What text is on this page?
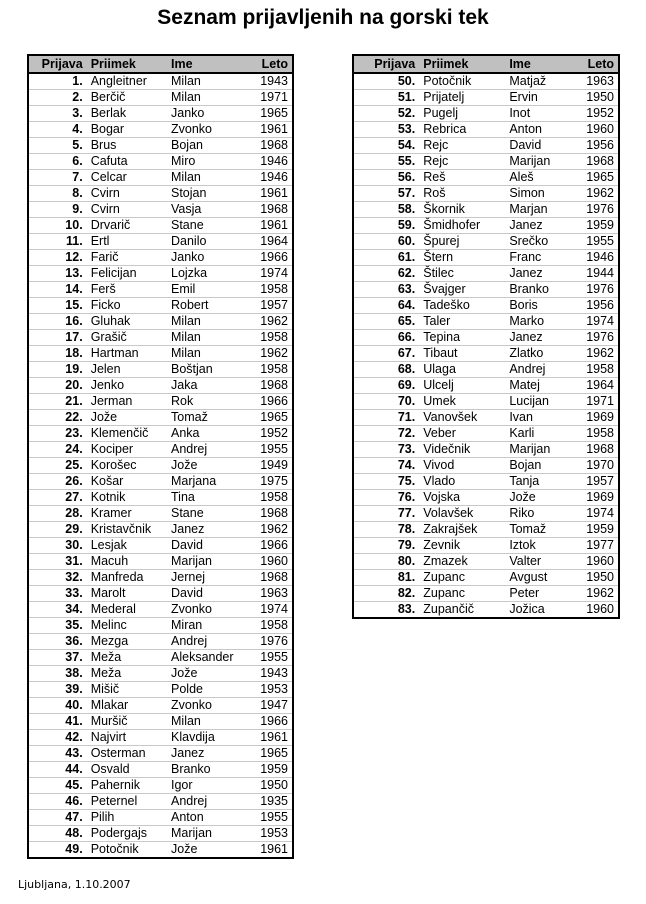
Seznam prijavljenih na gorski tek
Prijava	Priimek	Ime	Leto
1.	Angleitner	Milan	1943
2.	Berčič	Milan	1971
3.	Berlak	Janko	1965
4.	Bogar	Zvonko	1961
5.	Brus	Bojan	1968
6.	Cafuta	Miro	1946
7.	Celcar	Milan	1946
8.	Cvirn	Stojan	1961
9.	Cvirn	Vasja	1968
10.	Drvarič	Stane	1961
11.	Ertl	Danilo	1964
12.	Farič	Janko	1966
13.	Felicijan	Lojzka	1974
14.	Ferš	Emil	1958
15.	Ficko	Robert	1957
16.	Gluhak	Milan	1962
17.	Grašič	Milan	1958
18.	Hartman	Milan	1962
19.	Jelen	Boštjan	1958
20.	Jenko	Jaka	1968
21.	Jerman	Rok	1966
22.	Jože	Tomaž	1965
23.	Klemenčič	Anka	1952
24.	Kociper	Andrej	1955
25.	Korošec	Jože	1949
26.	Košar	Marjana	1975
27.	Kotnik	Tina	1958
28.	Kramer	Stane	1968
29.	Kristavčnik	Janez	1962
30.	Lesjak	David	1966
31.	Macuh	Marijan	1960
32.	Manfreda	Jernej	1968
33.	Marolt	David	1963
34.	Mederal	Zvonko	1974
35.	Melinc	Miran	1958
36.	Mezga	Andrej	1976
37.	Meža	Aleksander	1955
38.	Meža	Jože	1943
39.	Mišič	Polde	1953
40.	Mlakar	Zvonko	1947
41.	Muršič	Milan	1966
42.	Najvirt	Klavdija	1961
43.	Osterman	Janez	1965
44.	Osvald	Branko	1959
45.	Pahernik	Igor	1950
46.	Peternel	Andrej	1935
47.	Pilih	Anton	1955
48.	Podergajs	Marijan	1953
49.	Potočnik	Jože	1961
Prijava	Priimek	Ime	Leto
50.	Potočnik	Matjaž	1963
51.	Prijatelj	Ervin	1950
52.	Pugelj	Inot	1952
53.	Rebrica	Anton	1960
54.	Rejc	David	1956
55.	Rejc	Marijan	1968
56.	Reš	Aleš	1965
57.	Roš	Simon	1962
58.	Škornik	Marjan	1976
59.	Šmidhofer	Janez	1959
60.	Špurej	Srečko	1955
61.	Štern	Franc	1946
62.	Štilec	Janez	1944
63.	Švajger	Branko	1976
64.	Tadeško	Boris	1956
65.	Taler	Marko	1974
66.	Tepina	Janez	1976
67.	Tibaut	Zlatko	1962
68.	Ulaga	Andrej	1958
69.	Ulcelj	Matej	1964
70.	Umek	Lucijan	1971
71.	Vanovšek	Ivan	1969
72.	Veber	Karli	1958
73.	Videčnik	Marijan	1968
74.	Vivod	Bojan	1970
75.	Vlado	Tanja	1957
76.	Vojska	Jože	1969
77.	Volavšek	Riko	1974
78.	Zakrajšek	Tomaž	1959
79.	Zevnik	Iztok	1977
80.	Zmazek	Valter	1960
81.	Zupanc	Avgust	1950
82.	Zupanc	Peter	1962
83.	Zupančič	Jožica	1960
Ljubljana, 1.10.2007
